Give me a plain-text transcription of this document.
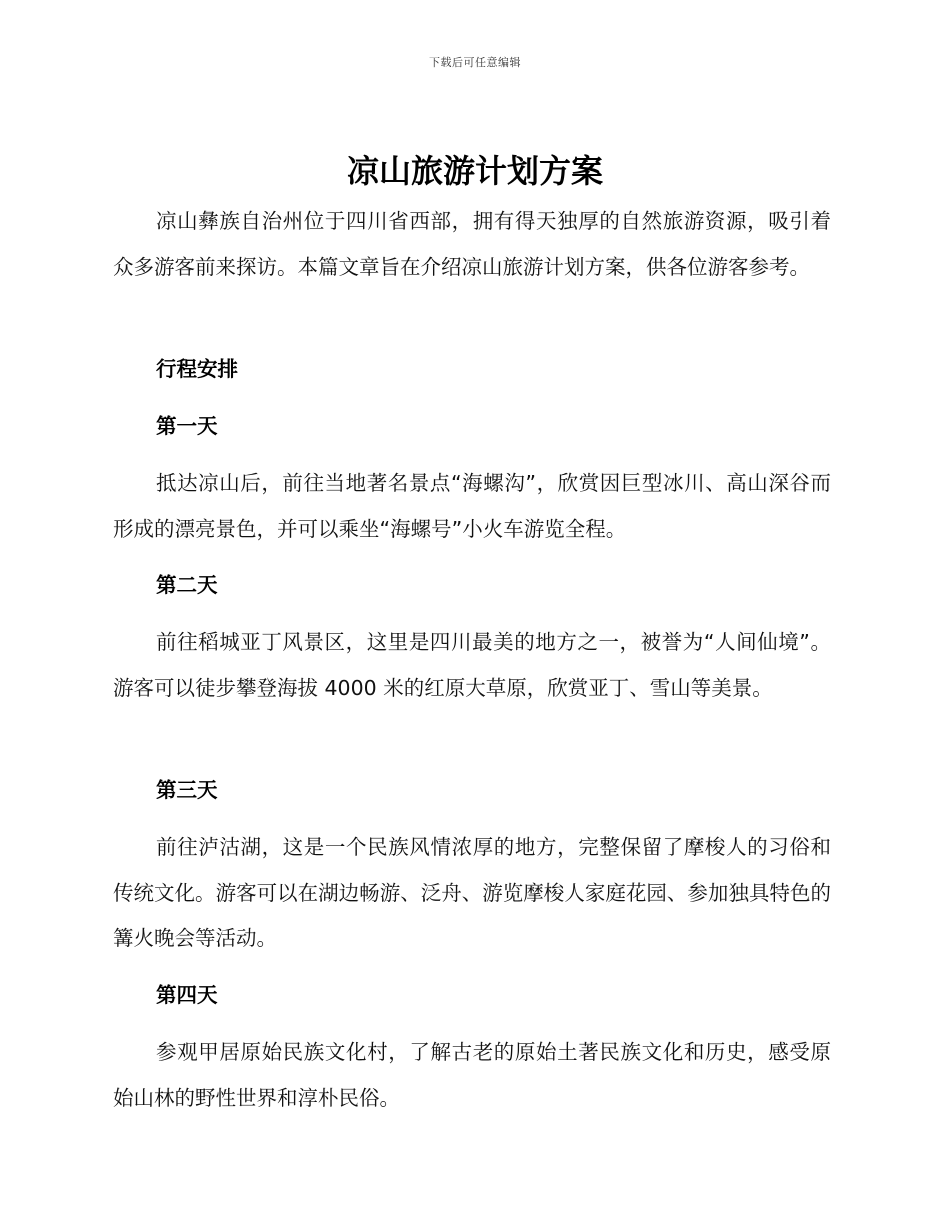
下载后可任意编辑
凉山旅游计划方案

凉山彝族自治州位于四川省西部，拥有得天独厚的自然旅游资源，吸引着众多游客前来探访。本篇文章旨在介绍凉山旅游计划方案，供各位游客参考。

行程安排

第一天

抵达凉山后，前往当地著名景点“海螺沟”，欣赏因巨型冰川、高山深谷而形成的漂亮景色，并可以乘坐“海螺号”小火车游览全程。

第二天

前往稻城亚丁风景区，这里是四川最美的地方之一，被誉为“人间仙境”。游客可以徒步攀登海拔 4000 米的红原大草原，欣赏亚丁、雪山等美景。

第三天

前往泸沽湖，这是一个民族风情浓厚的地方，完整保留了摩梭人的习俗和传统文化。游客可以在湖边畅游、泛舟、游览摩梭人家庭花园、参加独具特色的篝火晚会等活动。

第四天

参观甲居原始民族文化村，了解古老的原始土著民族文化和历史，感受原始山林的野性世界和淳朴民俗。
